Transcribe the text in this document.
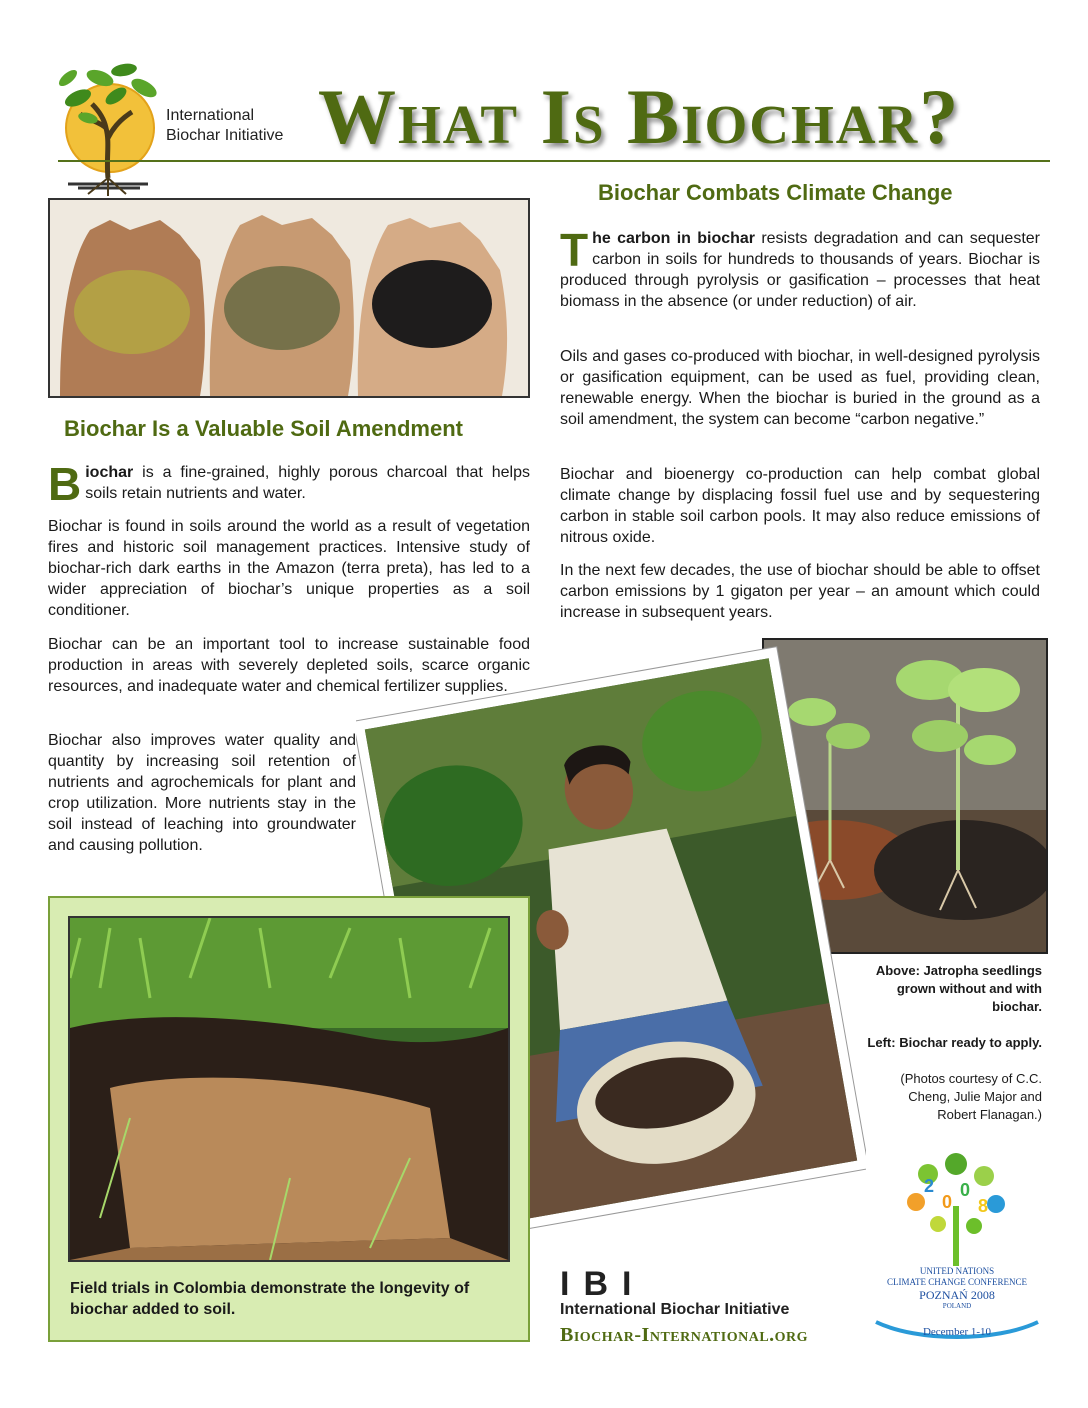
International
Biochar Initiative What Is Biochar?
Biochar Combats Climate Change
The carbon in biochar resists degradation and can sequester carbon in soils for hundreds to thousands of years. Biochar is produced through pyrolysis or gasification – processes that heat biomass in the absence (or under reduction) of air.
Oils and gases co-produced with biochar, in well-designed pyrolysis or gasification equipment, can be used as fuel, providing clean, renewable energy. When the biochar is buried in the ground as a soil amendment, the system can become “carbon negative.”
Biochar and bioenergy co-production can help combat global climate change by displacing fossil fuel use and by sequestering carbon in stable soil carbon pools. It may also reduce emissions of nitrous oxide.
In the next few decades, the use of biochar should be able to offset carbon emissions by 1 gigaton per year – an amount which could increase in subsequent years.
Biochar Is a Valuable Soil Amendment
Biochar is a fine-grained, highly porous charcoal that helps soils retain nutrients and water.
Biochar is found in soils around the world as a result of vegetation fires and historic soil management practices. Intensive study of biochar-rich dark earths in the Amazon (terra preta), has led to a wider appreciation of biochar’s unique properties as a soil conditioner.
Biochar can be an important tool to increase sustainable food production in areas with severely depleted soils, scarce organic resources, and inadequate water and chemical fertilizer supplies.
Biochar also improves water quality and quantity by increasing soil retention of nutrients and agrochemicals for plant and crop utilization. More nutrients stay in the soil instead of leaching into groundwater and causing pollution.
Above: Jatropha seedlings grown without and with biochar.
Left: Biochar ready to apply.
(Photos courtesy of C.C. Cheng, Julie Major and Robert Flanagan.)
Field trials in Colombia demonstrate the longevity of biochar added to soil.
IBI
International Biochar Initiative
Biochar-International.org
2
0
0
8
UNITED NATIONS
CLIMATE CHANGE CONFERENCE
POZNAŃ 2008
POLAND
December 1-10
